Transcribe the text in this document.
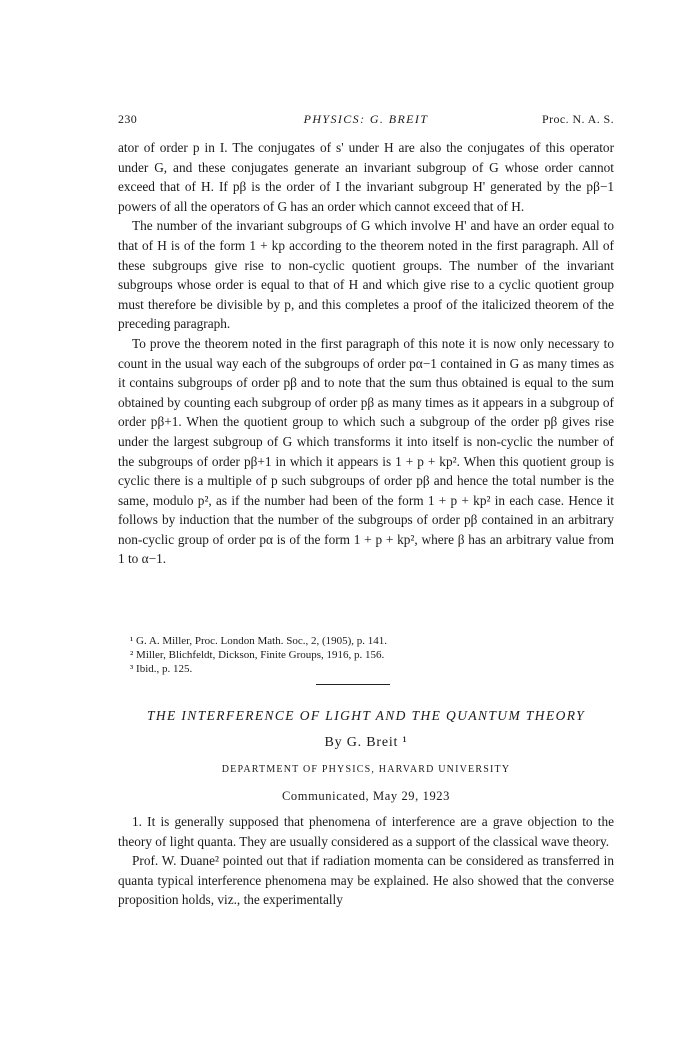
230	PHYSICS: G. BREIT	Proc. N. A. S.

ator of order p in I. The conjugates of s' under H are also the conjugates of this operator under G, and these conjugates generate an invariant subgroup of G whose order cannot exceed that of H. If pβ is the order of I the invariant subgroup H' generated by the pβ−1 powers of all the operators of G has an order which cannot exceed that of H.

The number of the invariant subgroups of G which involve H' and have an order equal to that of H is of the form 1 + kp according to the theorem noted in the first paragraph. All of these subgroups give rise to non-cyclic quotient groups. The number of the invariant subgroups whose order is equal to that of H and which give rise to a cyclic quotient group must therefore be divisible by p, and this completes a proof of the italicized theorem of the preceding paragraph.

To prove the theorem noted in the first paragraph of this note it is now only necessary to count in the usual way each of the subgroups of order pα−1 contained in G as many times as it contains subgroups of order pβ and to note that the sum thus obtained is equal to the sum obtained by counting each subgroup of order pβ as many times as it appears in a subgroup of order pβ+1. When the quotient group to which such a subgroup of the order pβ gives rise under the largest subgroup of G which transforms it into itself is non-cyclic the number of the subgroups of order pβ+1 in which it appears is 1 + p + kp². When this quotient group is cyclic there is a multiple of p such subgroups of order pβ and hence the total number is the same, modulo p², as if the number had been of the form 1 + p + kp² in each case. Hence it follows by induction that the number of the subgroups of order pβ contained in an arbitrary non-cyclic group of order pα is of the form 1 + p + kp², where β has an arbitrary value from 1 to α−1.

¹ G. A. Miller, Proc. London Math. Soc., 2, (1905), p. 141.
² Miller, Blichfeldt, Dickson, Finite Groups, 1916, p. 156.
³ Ibid., p. 125.
THE INTERFERENCE OF LIGHT AND THE QUANTUM THEORY
By G. Breit ¹
DEPARTMENT OF PHYSICS, HARVARD UNIVERSITY
Communicated, May 29, 1923

1. It is generally supposed that phenomena of interference are a grave objection to the theory of light quanta. They are usually considered as a support of the classical wave theory.

Prof. W. Duane² pointed out that if radiation momenta can be considered as transferred in quanta typical interference phenomena may be explained. He also showed that the converse proposition holds, viz., the experimentally
